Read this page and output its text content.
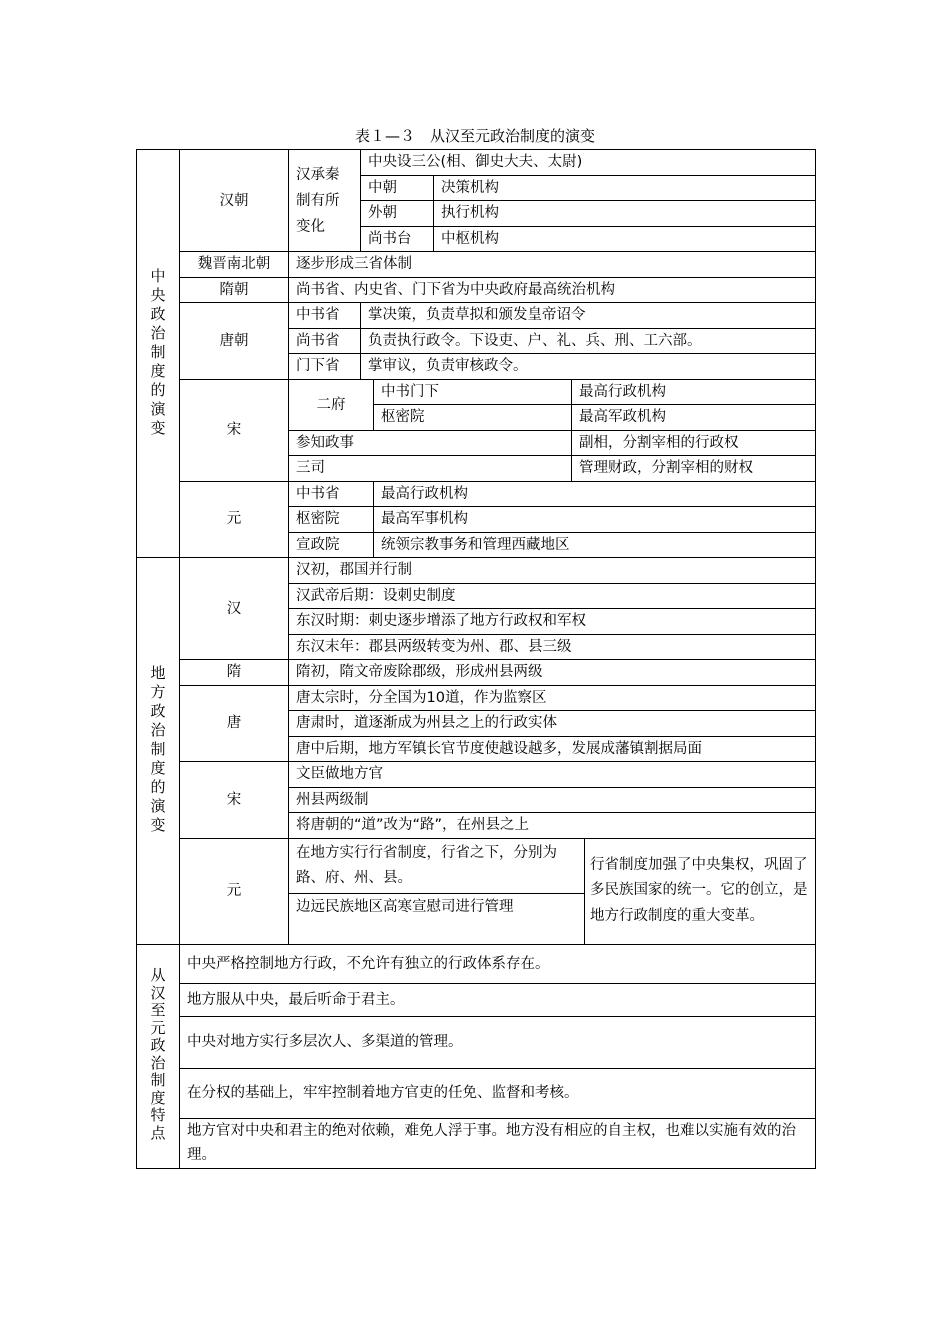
表１—３　从汉至元政治制度的演变
中央政治制度的演变	汉朝	汉承秦制有所变化	中央设三公(相、御史大夫、太尉)				
			中朝		决策机构		
			外朝		执行机构		
			尚书台		中枢机构		
	魏晋南北朝	逐步形成三省体制					
	隋朝	尚书省、内史省、门下省为中央政府最高统治机构					
	唐朝	中书省	掌决策，负责草拟和颁发皇帝诏令				
		尚书省	负责执行政令。下设吏、户、礼、兵、刑、工六部。				
		门下省	掌审议，负责审核政令。				
	宋	二府		中书门下		最高行政机构	
				枢密院		最高军政机构	
		参知政事				副相，分割宰相的行政权	
		三司				管理财政，分割宰相的财权	
	元	中书省		最高行政机构			
		枢密院		最高军事机构			
		宣政院		统领宗教事务和管理西藏地区			
地方政治制度的演变	汉	汉初，郡国并行制					
		汉武帝后期：设刺史制度					
		东汉时期：刺史逐步增添了地方行政权和军权					
		东汉末年：郡县两级转变为州、郡、县三级					
	隋	隋初，隋文帝废除郡级，形成州县两级					
	唐	唐太宗时，分全国为10道，作为监察区					
		唐肃时，道逐渐成为州县之上的行政实体					
		唐中后期，地方军镇长官节度使越设越多，发展成藩镇割据局面					
	宋	文臣做地方官					
		州县两级制					
		将唐朝的“道”改为“路”，在州县之上					
	元	在地方实行行省制度，行省之下，分别为路、府、州、县。					行省制度加强了中央集权，巩固了多民族国家的统一。它的创立，是地方行政制度的重大变革。

		边远民族地区高寒宣慰司进行管理					

从汉至元政治制度特点	中央严格控制地方行政，不允许有独立的行政体系存在。						
	地方服从中央，最后听命于君主。						
	中央对地方实行多层次人、多渠道的管理。						
	在分权的基础上，牢牢控制着地方官吏的任免、监督和考核。						
	地方官对中央和君主的绝对依赖，难免人浮于事。地方没有相应的自主权，也难以实施有效的治理。						
